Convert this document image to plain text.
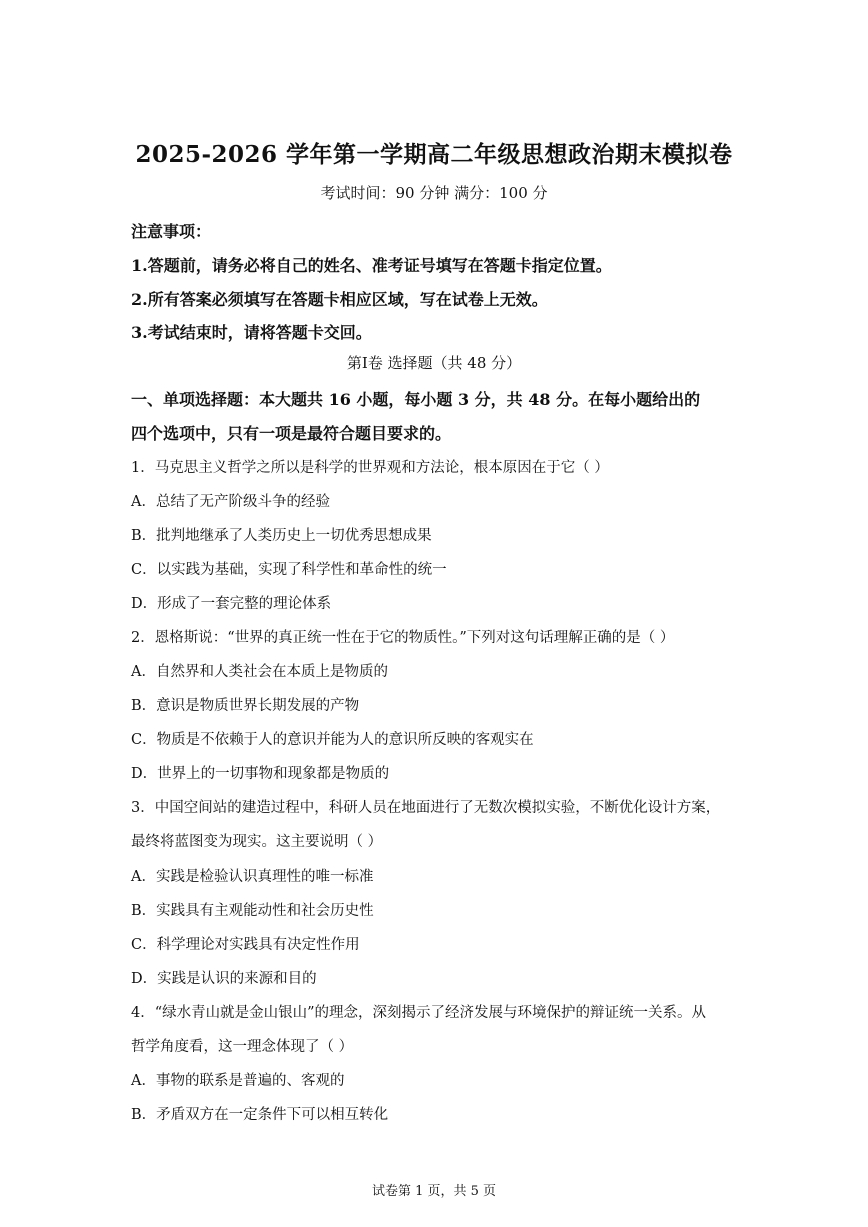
2025-2026 学年第一学期高二年级思想政治期末模拟卷
考试时间：90 分钟 满分：100 分
注意事项：
1.答题前，请务必将自己的姓名、准考证号填写在答题卡指定位置。
2.所有答案必须填写在答题卡相应区域，写在试卷上无效。
3.考试结束时，请将答题卡交回。
第Ⅰ卷 选择题（共 48 分）
一、单项选择题：本大题共 16 小题，每小题 3 分，共 48 分。在每小题给出的
四个选项中，只有一项是最符合题目要求的。
1．马克思主义哲学之所以是科学的世界观和方法论，根本原因在于它（ ）
A．总结了无产阶级斗争的经验
B．批判地继承了人类历史上一切优秀思想成果
C．以实践为基础，实现了科学性和革命性的统一
D．形成了一套完整的理论体系
2．恩格斯说：“世界的真正统一性在于它的物质性。”下列对这句话理解正确的是（ ）
A．自然界和人类社会在本质上是物质的
B．意识是物质世界长期发展的产物
C．物质是不依赖于人的意识并能为人的意识所反映的客观实在
D．世界上的一切事物和现象都是物质的
3．中国空间站的建造过程中，科研人员在地面进行了无数次模拟实验，不断优化设计方案，
最终将蓝图变为现实。这主要说明（ ）
A．实践是检验认识真理性的唯一标准
B．实践具有主观能动性和社会历史性
C．科学理论对实践具有决定性作用
D．实践是认识的来源和目的
4．“绿水青山就是金山银山”的理念，深刻揭示了经济发展与环境保护的辩证统一关系。从
哲学角度看，这一理念体现了（ ）
A．事物的联系是普遍的、客观的
B．矛盾双方在一定条件下可以相互转化
试卷第 1 页，共 5 页
